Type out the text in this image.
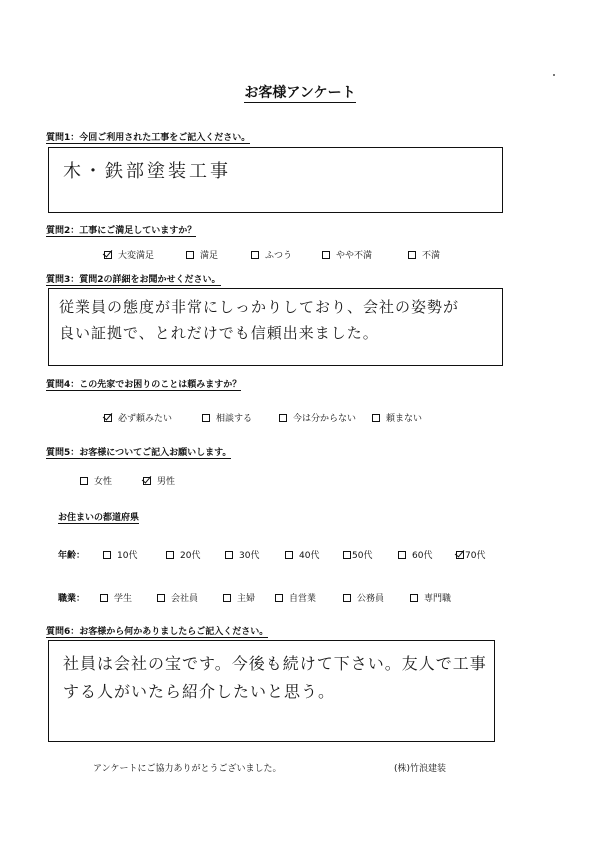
お客様アンケート
質問1：今回ご利用された工事をご記入ください。
木・鉄部塗装工事
質問2：工事にご満足していますか？
大変満足	満足	ふつう	やや不満	不満
質問3：質問2の詳細をお聞かせください。
従業員の態度が非常にしっかりしており、会社の姿勢が
良い証拠で、とれだけでも信頼出来ました。
質問4：この先家でお困りのことは頼みますか？
必ず頼みたい	相談する	今は分からない	頼まない
質問5：お客様についてご記入お願いします。
女性	男性
お住まいの都道府県
年齢：	10代	20代	30代	40代	50代	60代	70代
職業：	学生	会社員	主婦	自営業	公務員	専門職
質問6：お客様から何かありましたらご記入ください。
社員は会社の宝です。今後も続けて下さい。友人で工事
する人がいたら紹介したいと思う。
アンケートにご協力ありがとうございました。	(株)竹浪建装
